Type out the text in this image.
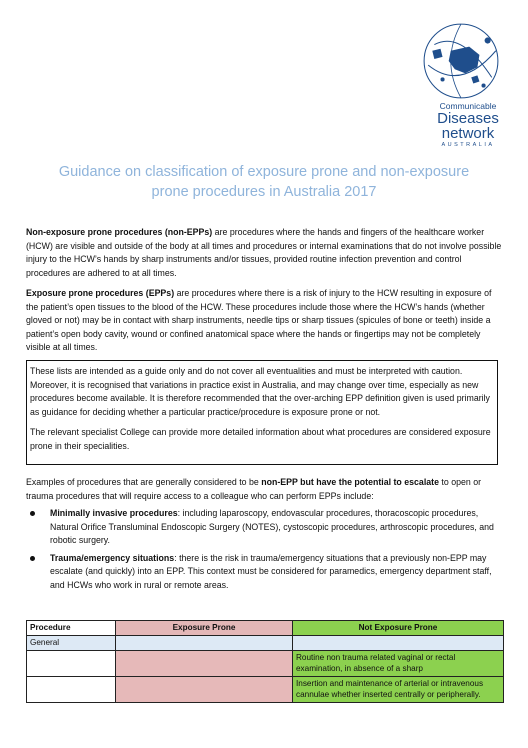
Communicable
Diseases
network
AUSTRALIA
Guidance on classification of exposure prone and non-exposure prone procedures in Australia 2017

Non-exposure prone procedures (non-EPPs) are procedures where the hands and fingers of the healthcare worker (HCW) are visible and outside of the body at all times and procedures or internal examinations that do not involve possible injury to the HCW’s hands by sharp instruments and/or tissues, provided routine infection prevention and control procedures are adhered to at all times.

Exposure prone procedures (EPPs) are procedures where there is a risk of injury to the HCW resulting in exposure of the patient’s open tissues to the blood of the HCW. These procedures include those where the HCW’s hands (whether gloved or not) may be in contact with sharp instruments, needle tips or sharp tissues (spicules of bone or teeth) inside a patient’s open body cavity, wound or confined anatomical space where the hands or fingertips may not be completely visible at all times.

These lists are intended as a guide only and do not cover all eventualities and must be interpreted with caution. Moreover, it is recognised that variations in practice exist in Australia, and may change over time, especially as new procedures become available. It is therefore recommended that the over-arching EPP definition given is used primarily as guidance for deciding whether a particular practice/procedure is exposure prone or not.

The relevant specialist College can provide more detailed information about what procedures are considered exposure prone in their specialities.

Examples of procedures that are generally considered to be non-EPP but have the potential to escalate to open or trauma procedures that will require access to a colleague who can perform EPPs include:

Minimally invasive procedures: including laparoscopy, endovascular procedures, thoracoscopic procedures, Natural Orifice Transluminal Endoscopic Surgery (NOTES), cystoscopic procedures, arthroscopic procedures, and robotic surgery.
Trauma/emergency situations: there is the risk in trauma/emergency situations that a previously non-EPP may escalate (and quickly) into an EPP. This context must be considered for paramedics, emergency department staff, and HCWs who work in rural or remote areas.
Procedure	Exposure Prone	Not Exposure Prone
General		
		Routine non trauma related vaginal or rectal examination, in absence of a sharp
		Insertion and maintenance of arterial or intravenous cannulae whether inserted centrally or peripherally.
